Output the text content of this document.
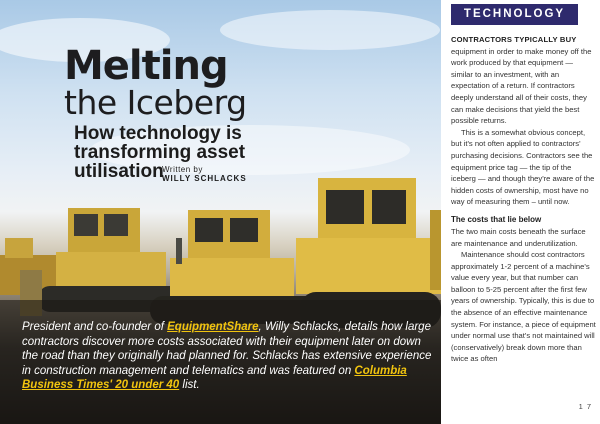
Melting
the Iceberg
How technology is transforming asset utilisation
Written by
WILLY SCHLACKS
President and co-founder of EquipmentShare, Willy Schlacks, details how large contractors discover more costs associated with their equipment later on down the road than they originally had planned for. Schlacks has extensive experience in construction management and telematics and was featured on Columbia Business Times' 20 under 40 list.
TECHNOLOGY

CONTRACTORS TYPICALLY BUY equipment in order to make money off the work produced by that equipment — similar to an investment, with an expectation of a return. If contractors deeply understand all of their costs, they can make decisions that yield the best possible returns.

This is a somewhat obvious concept, but it's not often applied to contractors' purchasing decisions. Contractors see the equipment price tag — the tip of the iceberg — and though they're aware of the hidden costs of ownership, most have no way of measuring them – until now.

The costs that lie below

The two main costs beneath the surface are maintenance and underutilization.

Maintenance should cost contractors approximately 1-2 percent of a machine's value every year, but that number can balloon to 5-25 percent after the first few years of ownership. Typically, this is due to the absence of an effective maintenance system. For instance, a piece of equipment under normal use that's not maintained will (conservatively) break down more than twice as often

1 7
